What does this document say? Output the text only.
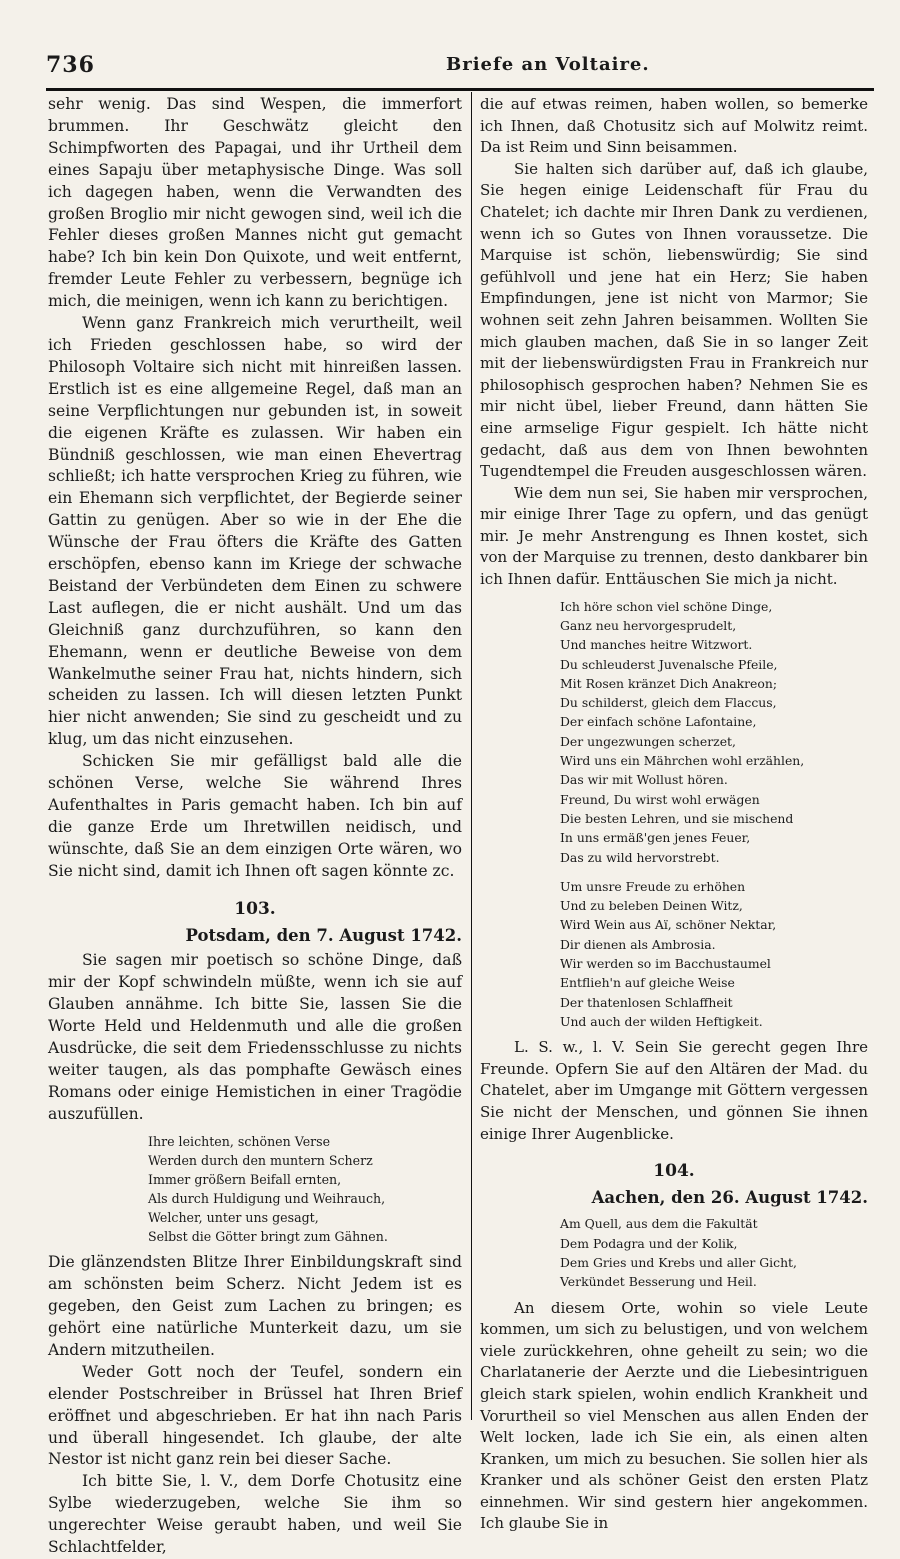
736	Briefe an Voltaire.

sehr wenig. Das sind Wespen, die immerfort brummen. Ihr Geschwätz gleicht den Schimpfworten des Papagai, und ihr Urtheil dem eines Sapaju über metaphysische Dinge. Was soll ich dagegen haben, wenn die Verwandten des großen Broglio mir nicht gewogen sind, weil ich die Fehler dieses großen Mannes nicht gut gemacht habe? Ich bin kein Don Quixote, und weit entfernt, fremder Leute Fehler zu verbessern, begnüge ich mich, die meinigen, wenn ich kann zu berichtigen.

Wenn ganz Frankreich mich verurtheilt, weil ich Frieden geschlossen habe, so wird der Philosoph Voltaire sich nicht mit hinreißen lassen. Erstlich ist es eine allgemeine Regel, daß man an seine Verpflichtungen nur gebunden ist, in soweit die eigenen Kräfte es zulassen. Wir haben ein Bündniß geschlossen, wie man einen Ehevertrag schließt; ich hatte versprochen Krieg zu führen, wie ein Ehemann sich verpflichtet, der Begierde seiner Gattin zu genügen. Aber so wie in der Ehe die Wünsche der Frau öfters die Kräfte des Gatten erschöpfen, ebenso kann im Kriege der schwache Beistand der Verbündeten dem Einen zu schwere Last auflegen, die er nicht aushält. Und um das Gleichniß ganz durchzuführen, so kann den Ehemann, wenn er deutliche Beweise von dem Wankelmuthe seiner Frau hat, nichts hindern, sich scheiden zu lassen. Ich will diesen letzten Punkt hier nicht anwenden; Sie sind zu gescheidt und zu klug, um das nicht einzusehen.

Schicken Sie mir gefälligst bald alle die schönen Verse, welche Sie während Ihres Aufenthaltes in Paris gemacht haben. Ich bin auf die ganze Erde um Ihretwillen neidisch, und wünschte, daß Sie an dem einzigen Orte wären, wo Sie nicht sind, damit ich Ihnen oft sagen könnte zc.

103.
Potsdam, den 7. August 1742.

Sie sagen mir poetisch so schöne Dinge, daß mir der Kopf schwindeln müßte, wenn ich sie auf Glauben annähme. Ich bitte Sie, lassen Sie die Worte Held und Heldenmuth und alle die großen Ausdrücke, die seit dem Friedensschlusse zu nichts weiter taugen, als das pomphafte Gewäsch eines Romans oder einige Hemistichen in einer Tragödie auszufüllen.

Ihre leichten, schönen Verse
Werden durch den muntern Scherz
Immer größern Beifall ernten,
Als durch Huldigung und Weihrauch,
Welcher, unter uns gesagt,
Selbst die Götter bringt zum Gähnen.

Die glänzendsten Blitze Ihrer Einbildungskraft sind am schönsten beim Scherz. Nicht Jedem ist es gegeben, den Geist zum Lachen zu bringen; es gehört eine natürliche Munterkeit dazu, um sie Andern mitzutheilen.

Weder Gott noch der Teufel, sondern ein elender Postschreiber in Brüssel hat Ihren Brief eröffnet und abgeschrieben. Er hat ihn nach Paris und überall hingesendet. Ich glaube, der alte Nestor ist nicht ganz rein bei dieser Sache.

Ich bitte Sie, l. V., dem Dorfe Chotusitz eine Sylbe wiederzugeben, welche Sie ihm so ungerechter Weise geraubt haben, und weil Sie Schlachtfelder,

die auf etwas reimen, haben wollen, so bemerke ich Ihnen, daß Chotusitz sich auf Molwitz reimt. Da ist Reim und Sinn beisammen.

Sie halten sich darüber auf, daß ich glaube, Sie hegen einige Leidenschaft für Frau du Chatelet; ich dachte mir Ihren Dank zu verdienen, wenn ich so Gutes von Ihnen voraussetze. Die Marquise ist schön, liebenswürdig; Sie sind gefühlvoll und jene hat ein Herz; Sie haben Empfindungen, jene ist nicht von Marmor; Sie wohnen seit zehn Jahren beisammen. Wollten Sie mich glauben machen, daß Sie in so langer Zeit mit der liebenswürdigsten Frau in Frankreich nur philosophisch gesprochen haben? Nehmen Sie es mir nicht übel, lieber Freund, dann hätten Sie eine armselige Figur gespielt. Ich hätte nicht gedacht, daß aus dem von Ihnen bewohnten Tugendtempel die Freuden ausgeschlossen wären.

Wie dem nun sei, Sie haben mir versprochen, mir einige Ihrer Tage zu opfern, und das genügt mir. Je mehr Anstrengung es Ihnen kostet, sich von der Marquise zu trennen, desto dankbarer bin ich Ihnen dafür. Enttäuschen Sie mich ja nicht.

Ich höre schon viel schöne Dinge,
Ganz neu hervorgesprudelt,
Und manches heitre Witzwort.
Du schleuderst Juvenalsche Pfeile,
Mit Rosen kränzet Dich Anakreon;
Du schilderst, gleich dem Flaccus,
Der einfach schöne Lafontaine,
Der ungezwungen scherzet,
Wird uns ein Mährchen wohl erzählen,
Das wir mit Wollust hören.
Freund, Du wirst wohl erwägen
Die besten Lehren, und sie mischend
In uns ermäß'gen jenes Feuer,
Das zu wild hervorstrebt.
Um unsre Freude zu erhöhen
Und zu beleben Deinen Witz,
Wird Wein aus Aï, schöner Nektar,
Dir dienen als Ambrosia.
Wir werden so im Bacchustaumel
Entflieh'n auf gleiche Weise
Der thatenlosen Schlaffheit
Und auch der wilden Heftigkeit.

L. S. w., l. V. Sein Sie gerecht gegen Ihre Freunde. Opfern Sie auf den Altären der Mad. du Chatelet, aber im Umgange mit Göttern vergessen Sie nicht der Menschen, und gönnen Sie ihnen einige Ihrer Augenblicke.

104.
Aachen, den 26. August 1742.
Am Quell, aus dem die Fakultät
Dem Podagra und der Kolik,
Dem Gries und Krebs und aller Gicht,
Verkündet Besserung und Heil.

An diesem Orte, wohin so viele Leute kommen, um sich zu belustigen, und von welchem viele zurückkehren, ohne geheilt zu sein; wo die Charlatanerie der Aerzte und die Liebesintriguen gleich stark spielen, wohin endlich Krankheit und Vorurtheil so viel Menschen aus allen Enden der Welt locken, lade ich Sie ein, als einen alten Kranken, um mich zu besuchen. Sie sollen hier als Kranker und als schöner Geist den ersten Platz einnehmen. Wir sind gestern hier angekommen. Ich glaube Sie in
